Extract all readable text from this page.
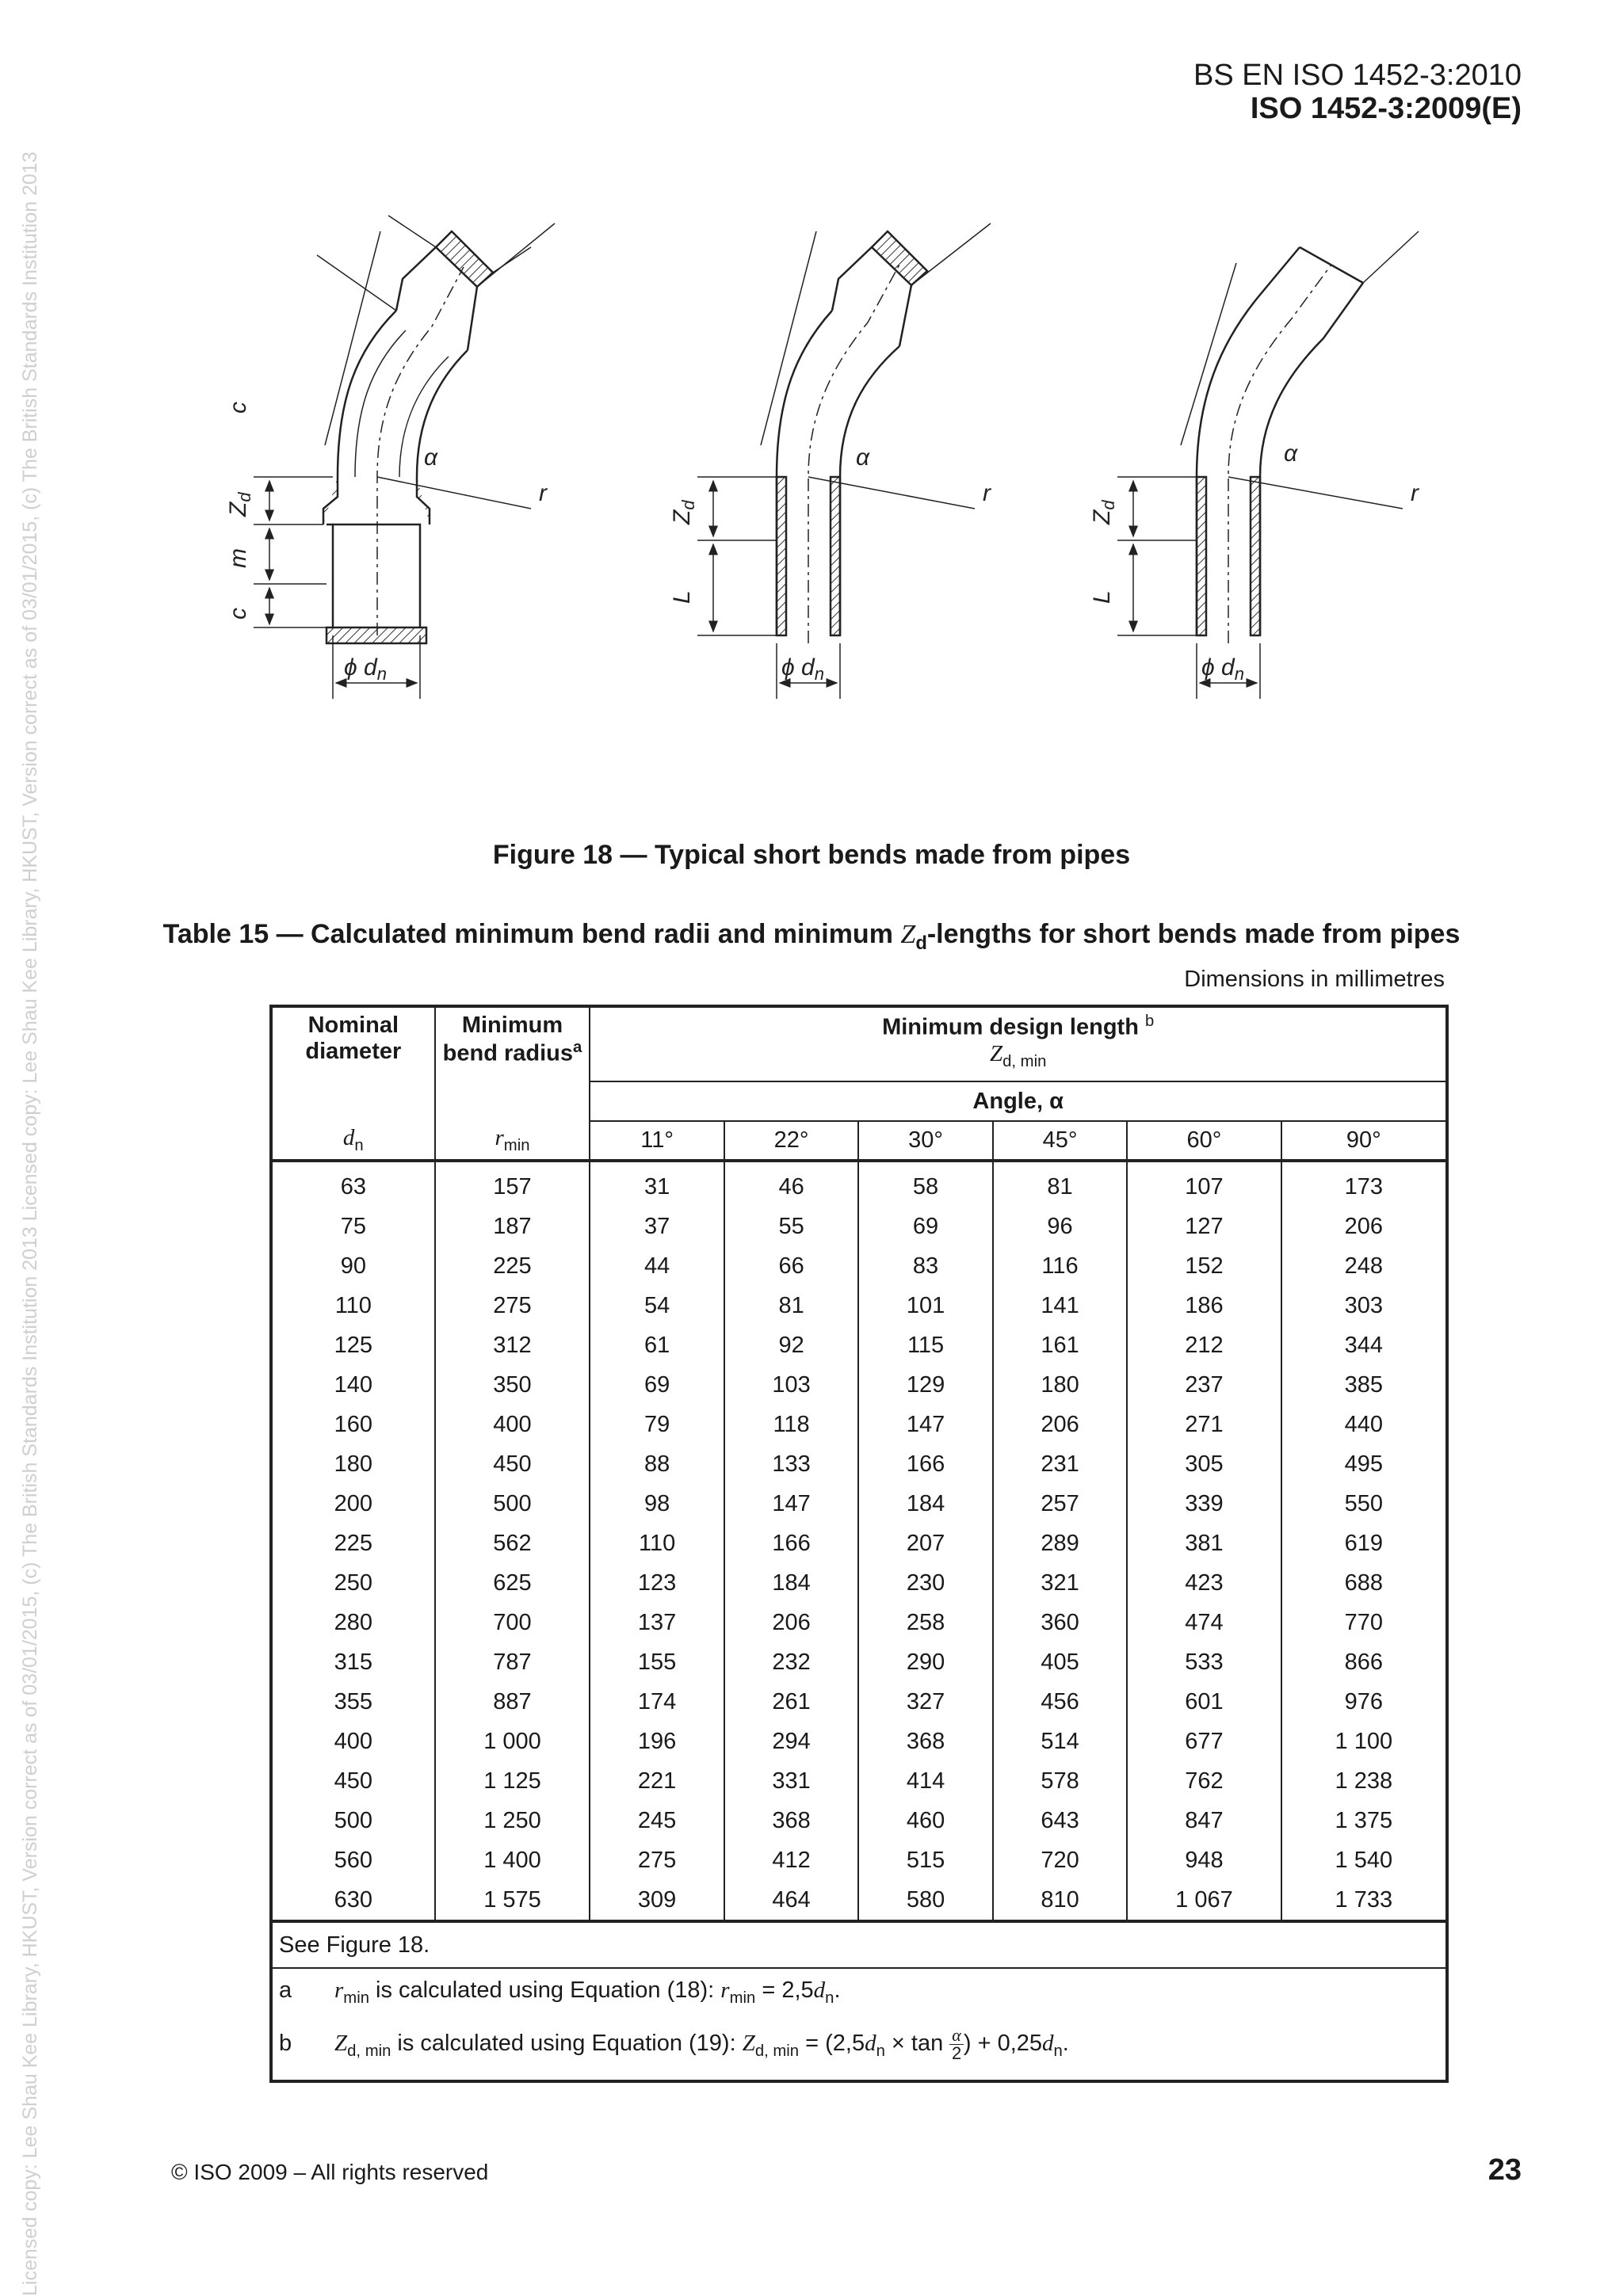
Licensed copy: Lee Shau Kee Library, HKUST, Version correct as of 03/01/2015, (c) The British Standards Institution 2013 Licensed copy: Lee Shau Kee Library, HKUST, Version correct as of 03/01/2015, (c) The British Standards Institution 2013
BS EN ISO 1452-3:2010
ISO 1452-3:2009(E)
c
$Z_d$
m
c
ϕ $d_n$
α
r
$Z_d$
L
ϕ $d_n$
α
r
$Z_d$
L
ϕ $d_n$
α
r
Figure 18 — Typical short bends made from pipes
Table 15 — Calculated minimum bend radii and minimum $Z_d$-lengths for short bends made from pipes
Dimensions in millimetres
Nominal diameter	Minimum bend radius$^a$	Minimum design length $^b$
$Z_{d, min}$
		Angle, α					
$d_n$	$r_{min}$	11°	22°	30°	45°	60°	90°
63	157	31	46	58	81	107	173
75	187	37	55	69	96	127	206
90	225	44	66	83	116	152	248
110	275	54	81	101	141	186	303
125	312	61	92	115	161	212	344
140	350	69	103	129	180	237	385
160	400	79	118	147	206	271	440
180	450	88	133	166	231	305	495
200	500	98	147	184	257	339	550
225	562	110	166	207	289	381	619
250	625	123	184	230	321	423	688
280	700	137	206	258	360	474	770
315	787	155	232	290	405	533	866
355	887	174	261	327	456	601	976
400	1 000	196	294	368	514	677	1 100
450	1 125	221	331	414	578	762	1 238
500	1 250	245	368	460	643	847	1 375
560	1 400	275	412	515	720	948	1 540
630	1 575	309	464	580	810	1 067	1 733
See Figure 18.							
a $r_{min}$ is calculated using Equation (18): $r_{min} = 2,5d_n$.							
b $Z_{d, min}$ is calculated using Equation (19): $Z_{d, min} = (2,5d_n \times \tan \frac{\alpha}{2}$ ) + $0,25d_n$.							
© ISO 2009 – All rights reserved	23
